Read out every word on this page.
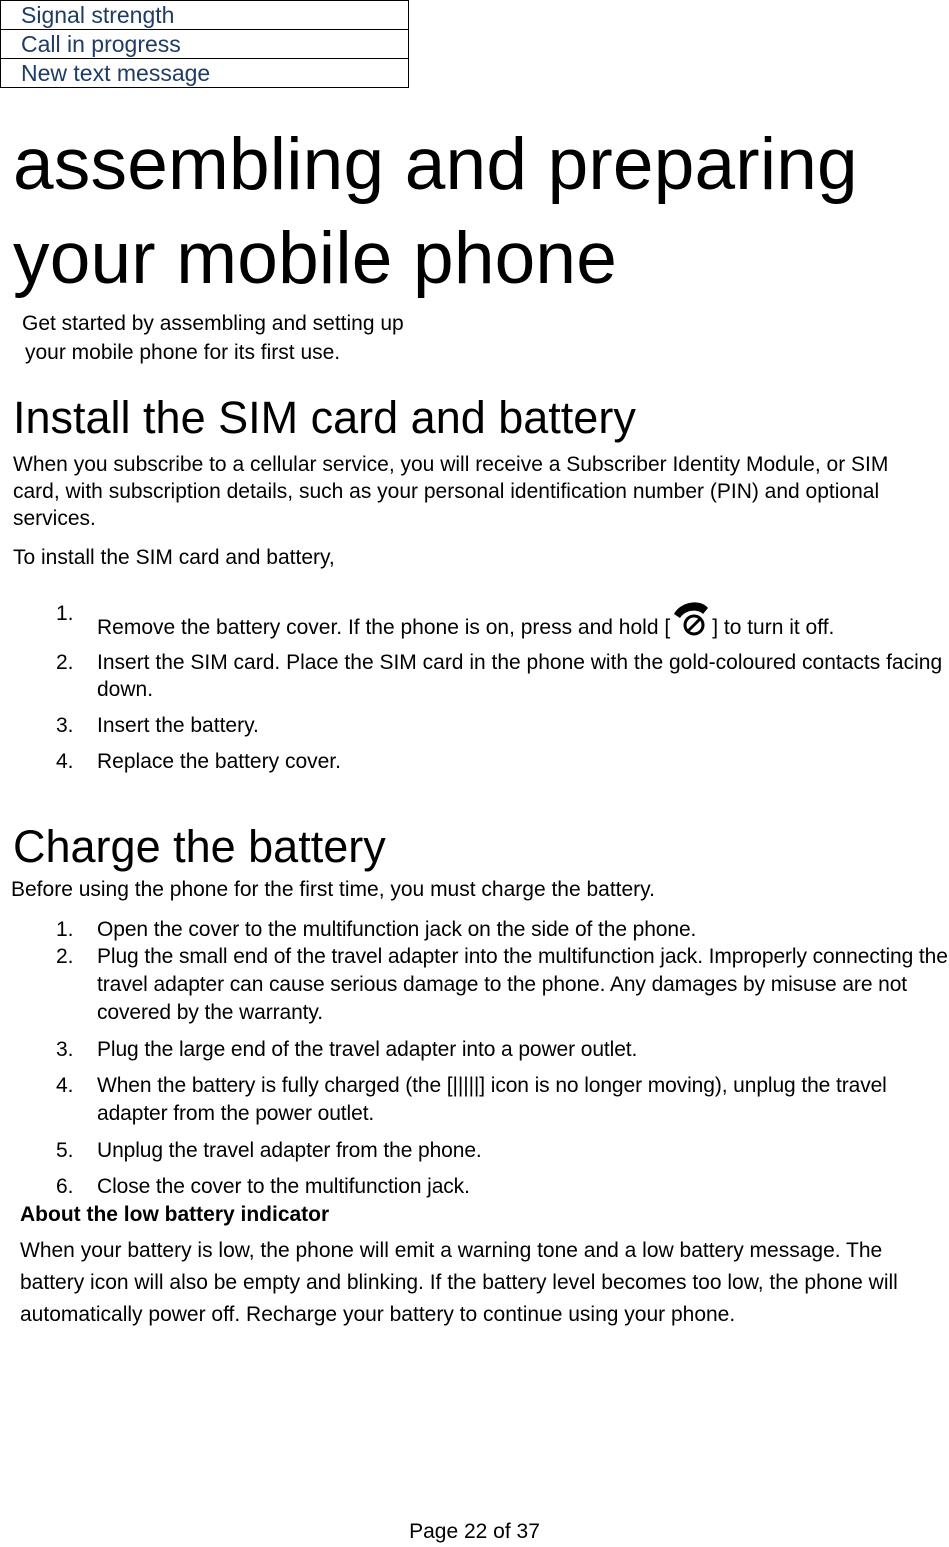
Signal strength
Call in progress
New text message
assembling and preparing
your mobile phone

Get started by assembling and setting up
your mobile phone for its first use.

Install the SIM card and battery

When you subscribe to a cellular service, you will receive a Subscriber Identity Module, or SIM card, with subscription details, such as your personal identification number (PIN) and optional services.

To install the SIM card and battery,

1.
Remove the battery cover. If the phone is on, press and hold [ ] to turn it off.
2. Insert the SIM card. Place the SIM card in the phone with the gold-coloured contacts facing down.
3. Insert the battery.
4. Replace the battery cover.
Charge the battery

Before using the phone for the first time, you must charge the battery.

1. Open the cover to the multifunction jack on the side of the phone.
2. Plug the small end of the travel adapter into the multifunction jack. Improperly connecting the travel adapter can cause serious damage to the phone. Any damages by misuse are not covered by the warranty.
3. Plug the large end of the travel adapter into a power outlet.
4. When the battery is fully charged (the [|||||] icon is no longer moving), unplug the travel adapter from the power outlet.
5. Unplug the travel adapter from the phone.
6. Close the cover to the multifunction jack.

About the low battery indicator

When your battery is low, the phone will emit a warning tone and a low battery message. The battery icon will also be empty and blinking. If the battery level becomes too low, the phone will automatically power off. Recharge your battery to continue using your phone.

Page 22 of 37
